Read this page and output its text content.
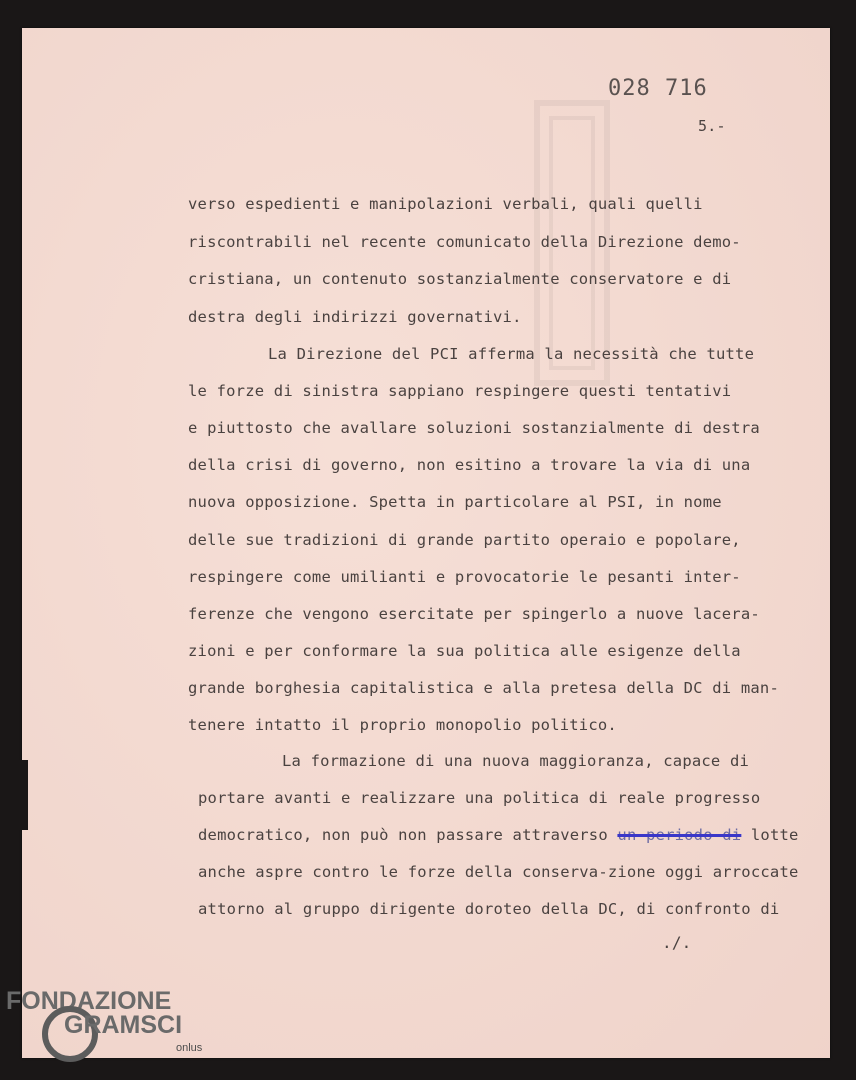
028 716
5.-
verso espedienti e manipolazioni verbali, quali quelli
riscontrabili nel recente comunicato della Direzione demo-
cristiana, un contenuto sostanzialmente conservatore e di
destra degli indirizzi governativi.
La Direzione del PCI afferma la necessità che tutte
le forze di sinistra sappiano respingere questi tentativi
e piuttosto che avallare soluzioni sostanzialmente di destra
della crisi di governo, non esitino a trovare la via di una
nuova opposizione. Spetta in particolare al PSI, in nome
delle sue tradizioni di grande partito operaio e popolare,
respingere come umilianti e provocatorie le pesanti inter-
ferenze che vengono esercitate per spingerlo a nuove lacera-
zioni e per conformare la sua politica alle esigenze della
grande borghesia capitalistica e alla pretesa della DC di man-
tenere intatto il proprio monopolio politico.
La formazione di una nuova maggioranza, capace di
portare avanti e realizzare una politica di reale progresso
democratico, non può non passare attraverso un periodo di lotte
anche aspre contro le forze della conserva-zione oggi arroccate
attorno al gruppo dirigente doroteo della DC, di confronto di
./.
FONDAZIONE
GRAMSCI
onlus
